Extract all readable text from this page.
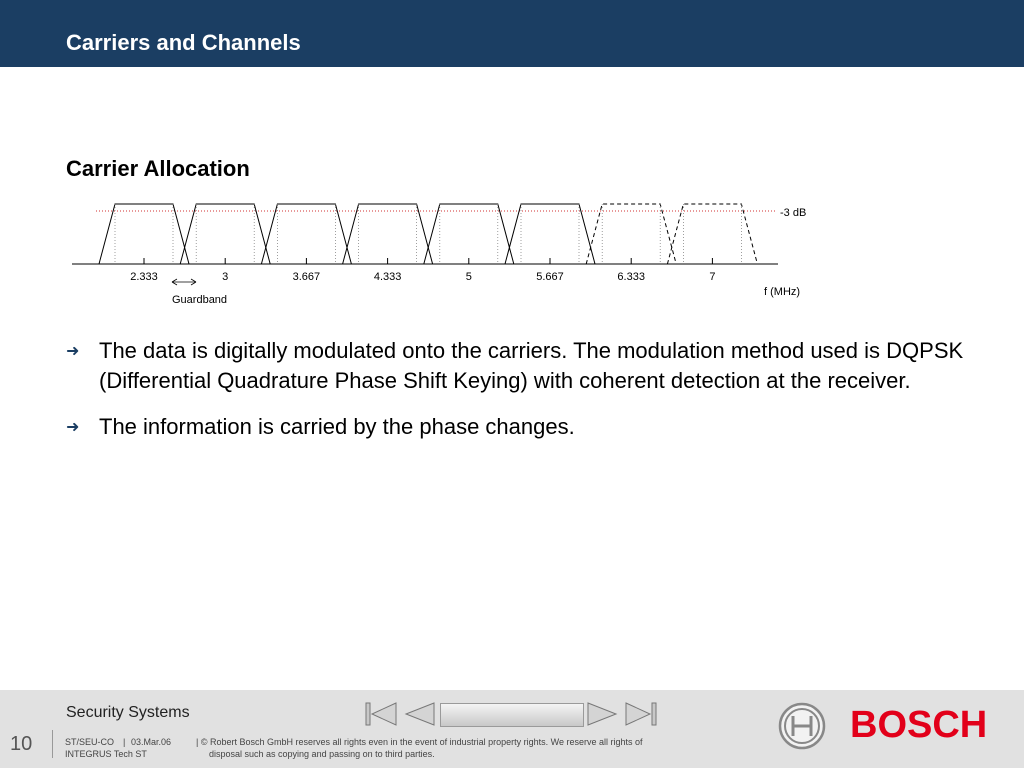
Carriers and Channels
Carrier Allocation
-3 dB
2.333	3	3.667	4.333	5	5.667	6.333	7
f (MHz)
Guardband
➜ The data is digitally modulated onto the carriers. The modulation method used is DQPSK (Differential Quadrature Phase Shift Keying) with coherent detection at the receiver.
➜ The information is carried by the phase changes.
Security Systems
10	ST/SEU-CO | 03.Mar.06
INTEGRUS Tech ST
| © Robert Bosch GmbH reserves all rights even in the event of industrial property rights. We reserve all rights of
disposal such as copying and passing on to third parties.
BOSCH
